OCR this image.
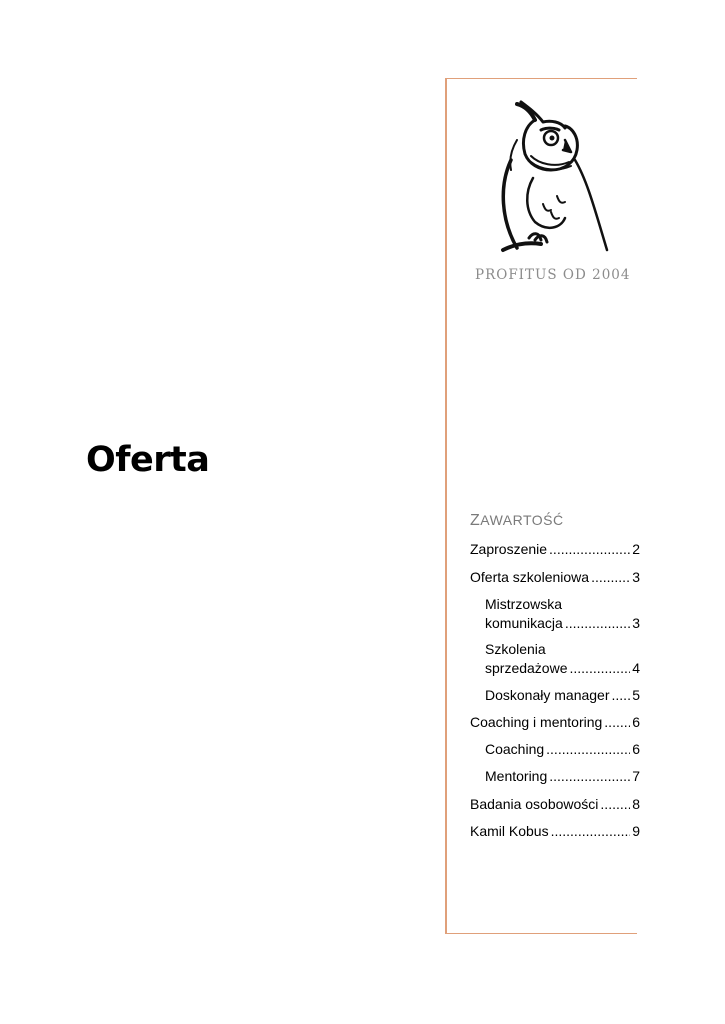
Oferta
PROFITUS OD 2004
ZAWARTOŚĆ
Zaproszenie .....	2
Oferta szkoleniowa .....	3
Mistrzowska
komunikacja .....	3
Szkolenia
sprzedażowe .....	4
Doskonały manager ..... 5
Coaching i mentoring ..... 6
Coaching .....	6
Mentoring .....	7
Badania osobowości ..... 8
Kamil Kobus .....	9
